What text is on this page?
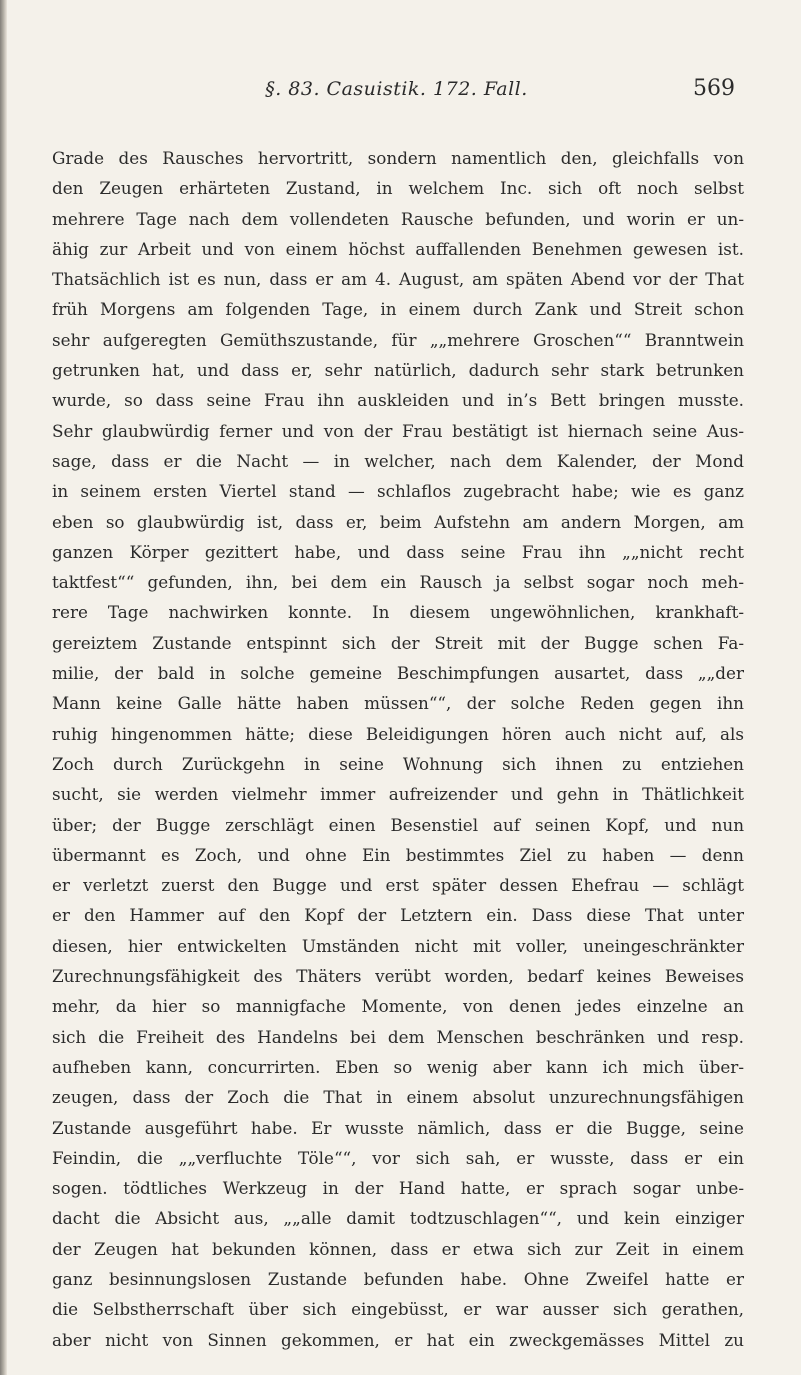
§. 83. Casuistik. 172. Fall.	569
Grade des Rausches hervortritt, sondern namentlich den, gleichfalls von
den Zeugen erhärteten Zustand, in welchem Inc. sich oft noch selbst
mehrere Tage nach dem vollendeten Rausche befunden, und worin er un-
ähig zur Arbeit und von einem höchst auffallenden Benehmen gewesen ist.
Thatsächlich ist es nun, dass er am 4. August, am späten Abend vor der That
früh Morgens am folgenden Tage, in einem durch Zank und Streit schon
sehr aufgeregten Gemüthszustande, für „„mehrere Groschen““ Branntwein
getrunken hat, und dass er, sehr natürlich, dadurch sehr stark betrunken
wurde, so dass seine Frau ihn auskleiden und in’s Bett bringen musste.
Sehr glaubwürdig ferner und von der Frau bestätigt ist hiernach seine Aus-
sage, dass er die Nacht — in welcher, nach dem Kalender, der Mond
in seinem ersten Viertel stand — schlaflos zugebracht habe; wie es ganz
eben so glaubwürdig ist, dass er, beim Aufstehn am andern Morgen, am
ganzen Körper gezittert habe, und dass seine Frau ihn „„nicht recht
taktfest““ gefunden, ihn, bei dem ein Rausch ja selbst sogar noch meh-
rere Tage nachwirken konnte. In diesem ungewöhnlichen, krankhaft-
gereiztem Zustande entspinnt sich der Streit mit der Bugge schen Fa-
milie, der bald in solche gemeine Beschimpfungen ausartet, dass „„der
Mann keine Galle hätte haben müssen““, der solche Reden gegen ihn
ruhig hingenommen hätte; diese Beleidigungen hören auch nicht auf, als
Zoch durch Zurückgehn in seine Wohnung sich ihnen zu entziehen
sucht, sie werden vielmehr immer aufreizender und gehn in Thätlichkeit
über; der Bugge zerschlägt einen Besenstiel auf seinen Kopf, und nun
übermannt es Zoch, und ohne Ein bestimmtes Ziel zu haben — denn
er verletzt zuerst den Bugge und erst später dessen Ehefrau — schlägt
er den Hammer auf den Kopf der Letztern ein. Dass diese That unter
diesen, hier entwickelten Umständen nicht mit voller, uneingeschränkter
Zurechnungsfähigkeit des Thäters verübt worden, bedarf keines Beweises
mehr, da hier so mannigfache Momente, von denen jedes einzelne an
sich die Freiheit des Handelns bei dem Menschen beschränken und resp.
aufheben kann, concurrirten. Eben so wenig aber kann ich mich über-
zeugen, dass der Zoch die That in einem absolut unzurechnungsfähigen
Zustande ausgeführt habe. Er wusste nämlich, dass er die Bugge, seine
Feindin, die „„verfluchte Töle““, vor sich sah, er wusste, dass er ein
sogen. tödtliches Werkzeug in der Hand hatte, er sprach sogar unbe-
dacht die Absicht aus, „„alle damit todtzuschlagen““, und kein einziger
der Zeugen hat bekunden können, dass er etwa sich zur Zeit in einem
ganz besinnungslosen Zustande befunden habe. Ohne Zweifel hatte er
die Selbstherrschaft über sich eingebüsst, er war ausser sich gerathen,
aber nicht von Sinnen gekommen, er hat ein zweckgemässes Mittel zu
